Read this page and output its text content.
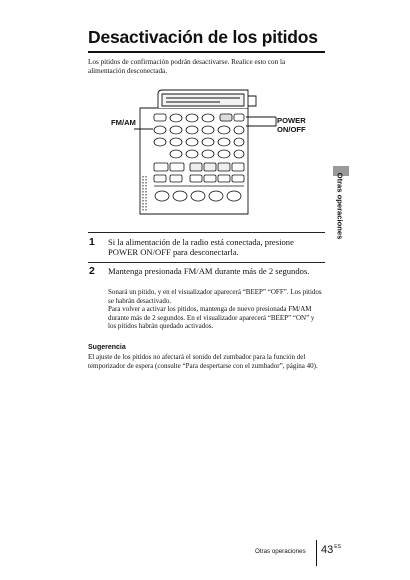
Desactivación de los pitidos

Los pitidos de confirmación podrán desactivarse. Realice esto con la alimentación desconectada.

FM/AM	POWER
ON/OFF
Otras operaciones
1 Si la alimentación de la radio está conectada, presione POWER ON/OFF para desconectarla.

2 Mantenga presionada FM/AM durante más de 2 segundos.

Sonará un pitido, y en el visualizador aparecerá “BEEP” “OFF”. Los pitidos se habrán desactivado.
Para volver a activar los pitidos, mantenga de nuevo presionada FM/AM durante más de 2 segundos. En el visualizador aparecerá “BEEP” “ON” y los pitidos habrán quedado activados.

Sugerencia

El ajuste de los pitidos no afectará el sonido del zumbador para la función del temporizador de espera (consulte “Para despertarse con el zumbador”, página 40).

Otras operaciones $43^{ES}$
